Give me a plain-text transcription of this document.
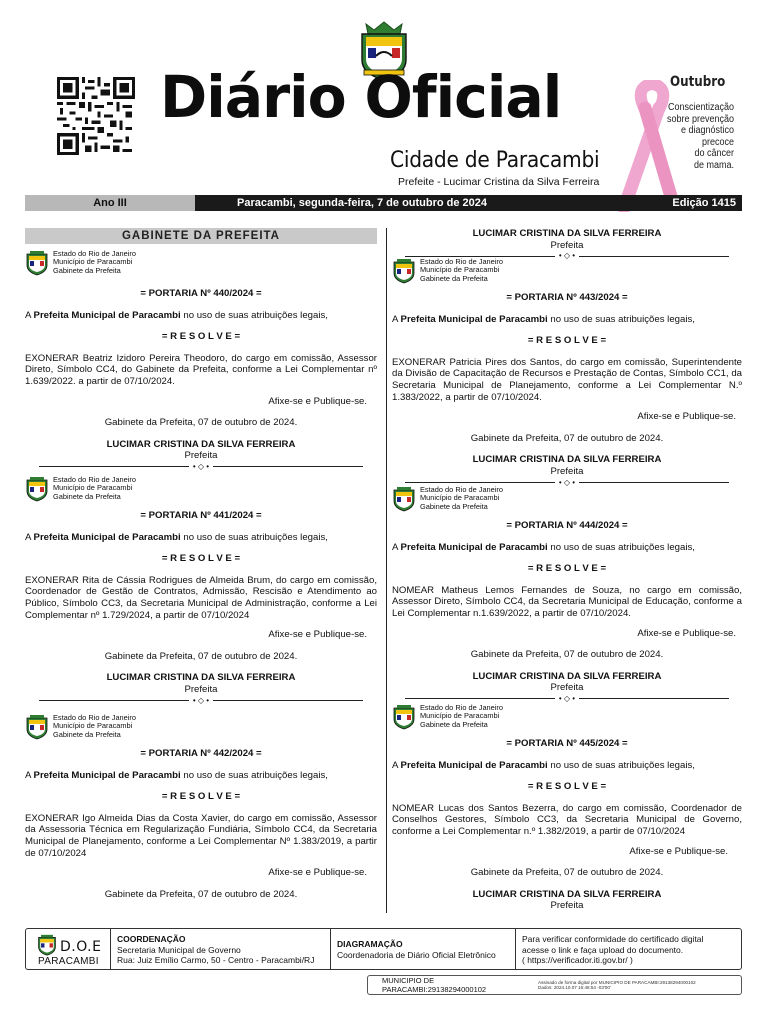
Diário Oficial
Cidade de Paracambi
Prefeite - Lucimar Cristina da Silva Ferreira
Outubro
Conscientização
sobre prevenção
e diagnóstico
precoce
do câncer
de mama.
Ano III	Paracambi, segunda-feira, 7 de outubro de 2024	Edição 1415
GABINETE DA PREFEITA
Estado do Rio de Janeiro
Município de Paracambi
Gabinete da Prefeita
= PORTARIA Nº 440/2024 =
A Prefeita Municipal de Paracambi no uso de suas atribuições legais,
= R E S O L V E =
EXONERAR Beatriz Izidoro Pereira Theodoro, do cargo em comissão, Assessor Direto, Símbolo CC4, do Gabinete da Prefeita, conforme a Lei Complementar nº 1.639/2022. a partir de 07/10/2024.
Afixe-se e Publique-se.
Gabinete da Prefeita, 07 de outubro de 2024.
LUCIMAR CRISTINA DA SILVA FERREIRA
Prefeita
• ◇ •
Estado do Rio de Janeiro
Município de Paracambi
Gabinete da Prefeita
= PORTARIA Nº 441/2024 =
A Prefeita Municipal de Paracambi no uso de suas atribuições legais,
= R E S O L V E =
EXONERAR Rita de Cássia Rodrigues de Almeida Brum, do cargo em comissão, Coordenador de Gestão de Contratos, Admissão, Rescisão e Atendimento ao Público, Símbolo CC3, da Secretaria Municipal de Administração, conforme a Lei Complementar nº 1.729/2024, a partir de 07/10/2024
Afixe-se e Publique-se.
Gabinete da Prefeita, 07 de outubro de 2024.
LUCIMAR CRISTINA DA SILVA FERREIRA
Prefeita
• ◇ •
Estado do Rio de Janeiro
Município de Paracambi
Gabinete da Prefeita
= PORTARIA Nº 442/2024 =
A Prefeita Municipal de Paracambi no uso de suas atribuições legais,
= R E S O L V E =
EXONERAR Igo Almeida Dias da Costa Xavier, do cargo em comissão, Assessor da Assessoria Técnica em Regularização Fundiária, Símbolo CC4, da Secretaria Municipal de Planejamento, conforme a Lei Complementar Nº 1.383/2019, a partir de 07/10/2024
Afixe-se e Publique-se.
Gabinete da Prefeita, 07 de outubro de 2024.
LUCIMAR CRISTINA DA SILVA FERREIRA
Prefeita
• ◇ •
Estado do Rio de Janeiro
Município de Paracambi
Gabinete da Prefeita
= PORTARIA Nº 443/2024 =
A Prefeita Municipal de Paracambi no uso de suas atribuições legais,
= R E S O L V E =
EXONERAR Patricia Pires dos Santos, do cargo em comissão, Superintendente da Divisão de Capacitação de Recursos e Prestação de Contas, Símbolo CC1, da Secretaria Municipal de Planejamento, conforme a Lei Complementar N.º 1.383/2022, a partir de 07/10/2024.
Afixe-se e Publique-se.
Gabinete da Prefeita, 07 de outubro de 2024.
LUCIMAR CRISTINA DA SILVA FERREIRA
Prefeita
• ◇ •
Estado do Rio de Janeiro
Município de Paracambi
Gabinete da Prefeita
= PORTARIA Nº 444/2024 =
A Prefeita Municipal de Paracambi no uso de suas atribuições legais,
= R E S O L V E =
NOMEAR Matheus Lemos Fernandes de Souza, no cargo em comissão, Assessor Direto, Símbolo CC4, da Secretaria Municipal de Educação, conforme a Lei Complementar n.1.639/2022, a partir de 07/10/2024.
Afixe-se e Publique-se.
Gabinete da Prefeita, 07 de outubro de 2024.
LUCIMAR CRISTINA DA SILVA FERREIRA
Prefeita
• ◇ •
Estado do Rio de Janeiro
Município de Paracambi
Gabinete da Prefeita
= PORTARIA Nº 445/2024 =
A Prefeita Municipal de Paracambi no uso de suas atribuições legais,
= R E S O L V E =
NOMEAR Lucas dos Santos Bezerra, do cargo em comissão, Coordenador de Conselhos Gestores, Símbolo CC3, da Secretaria Municipal de Governo, conforme a Lei Complementar n.º 1.382/2019, a partir de 07/10/2024
Afixe-se e Publique-se.
Gabinete da Prefeita, 07 de outubro de 2024.
LUCIMAR CRISTINA DA SILVA FERREIRA
Prefeita
D.O.E
PARACAMBI
COORDENAÇÃO
Secretaria Municipal de Governo
Rua: Juiz Emílio Carmo, 50 - Centro - Paracambi/RJ
DIAGRAMAÇÃO
Coordenadoria de Diário Oficial Eletrônico
Para verificar conformidade do certificado digital
acesse o link e faça upload do documento.
( https://verificador.iti.gov.br/ )
MUNICIPIO DE PARACAMBI:29138294000102
Assinado de forma digital por MUNICIPIO DE PARACAMBI:29138294000102
Dados: 2024.10.07 16:48:54 -03'00'
